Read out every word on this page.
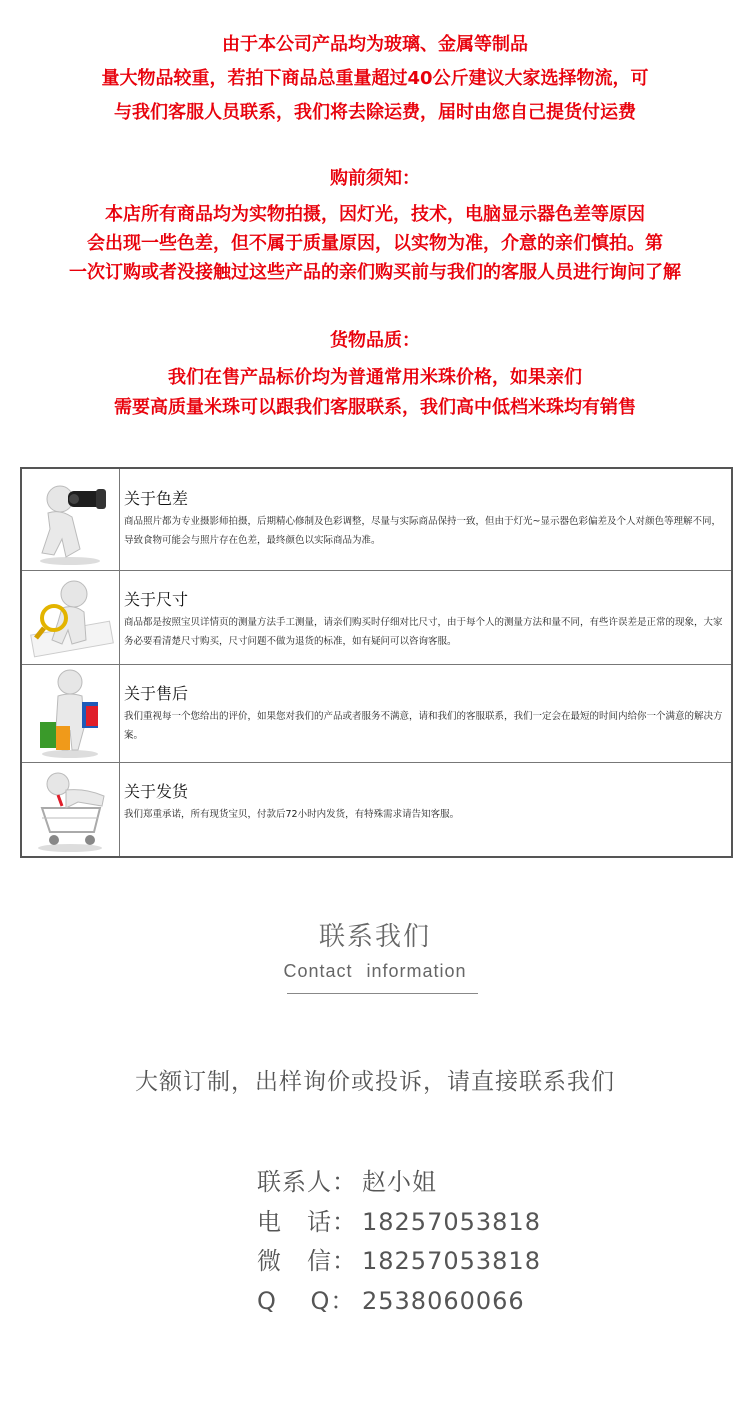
由于本公司产品均为玻璃、金属等制品
量大物品较重，若拍下商品总重量超过40公斤建议大家选择物流，可
与我们客服人员联系，我们将去除运费，届时由您自己提货付运费
购前须知：
本店所有商品均为实物拍摄，因灯光，技术，电脑显示器色差等原因
会出现一些色差，但不属于质量原因，以实物为准，介意的亲们慎拍。第
一次订购或者没接触过这些产品的亲们购买前与我们的客服人员进行询问了解
货物品质：
我们在售产品标价均为普通常用米珠价格，如果亲们
需要高质量米珠可以跟我们客服联系，我们高中低档米珠均有销售
关于色差
商品照片都为专业摄影师拍摄，后期精心修制及色彩调整，尽量与实际商品保持一致，但由于灯光~显示器色彩偏差及个人对颜色等理解不同，导致食物可能会与照片存在色差，最终颜色以实际商品为准。
关于尺寸
商品都是按照宝贝详情页的测量方法手工测量，请亲们购买时仔细对比尺寸，由于每个人的测量方法和量不同，有些许误差是正常的现象，大家务必要看清楚尺寸购买，尺寸问题不做为退货的标准，如有疑问可以咨询客服。
关于售后
我们重视每一个您给出的评价，如果您对我们的产品或者服务不满意，请和我们的客服联系，我们一定会在最短的时间内给你一个满意的解决方案。
关于发货
我们郑重承诺，所有现货宝贝，付款后72小时内发货，有特殊需求请告知客服。
联系我们
Contact information
大额订制，出样询价或投诉，请直接联系我们
联系人： 赵小姐
电　话： 18257053818
微　信： 18257053818
Q　 Q： 2538060066
